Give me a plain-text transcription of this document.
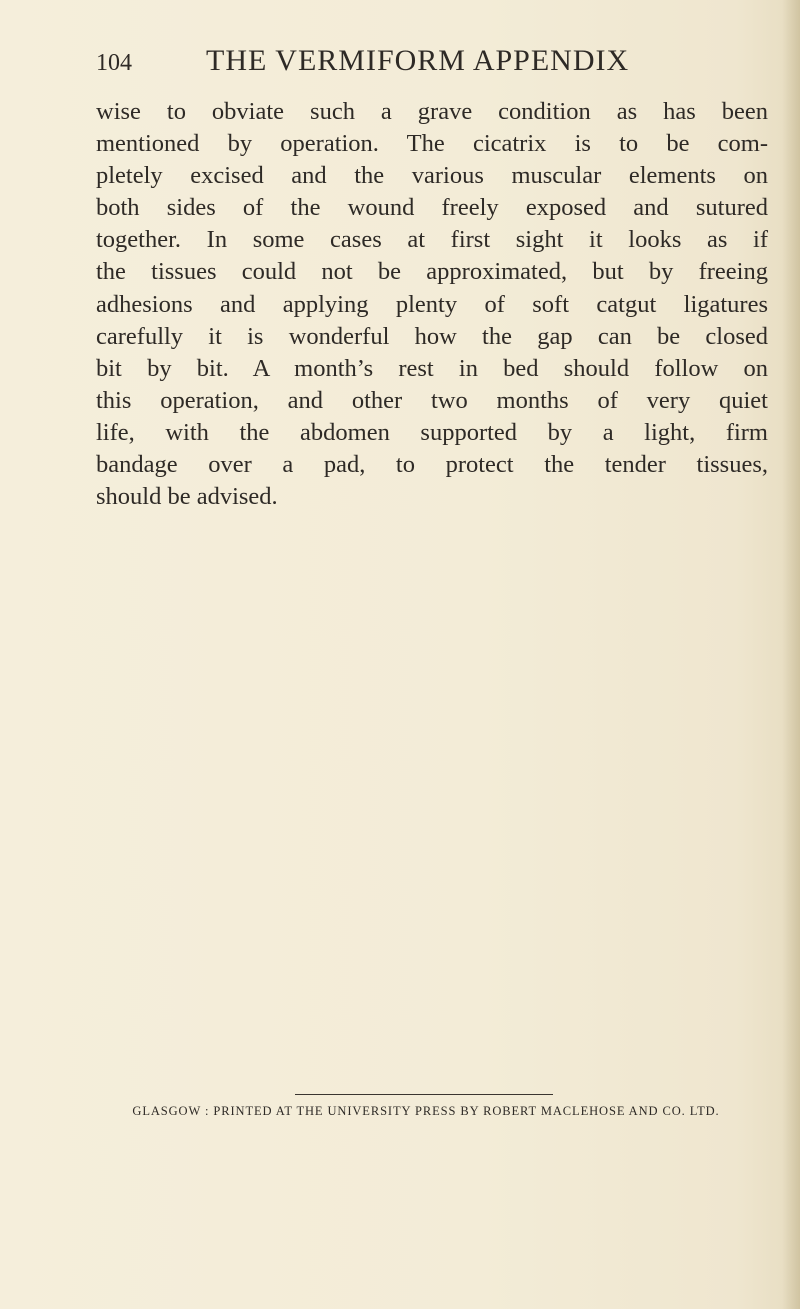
104 THE VERMIFORM APPENDIX
wise to obviate such a grave condition as has been
mentioned by operation. The cicatrix is to be com-
pletely excised and the various muscular elements on
both sides of the wound freely exposed and sutured
together. In some cases at first sight it looks as if
the tissues could not be approximated, but by freeing
adhesions and applying plenty of soft catgut ligatures
carefully it is wonderful how the gap can be closed
bit by bit. A month’s rest in bed should follow on
this operation, and other two months of very quiet
life, with the abdomen supported by a light, firm
bandage over a pad, to protect the tender tissues,
should be advised.
GLASGOW : PRINTED AT THE UNIVERSITY PRESS BY ROBERT MACLEHOSE AND CO. LTD.
